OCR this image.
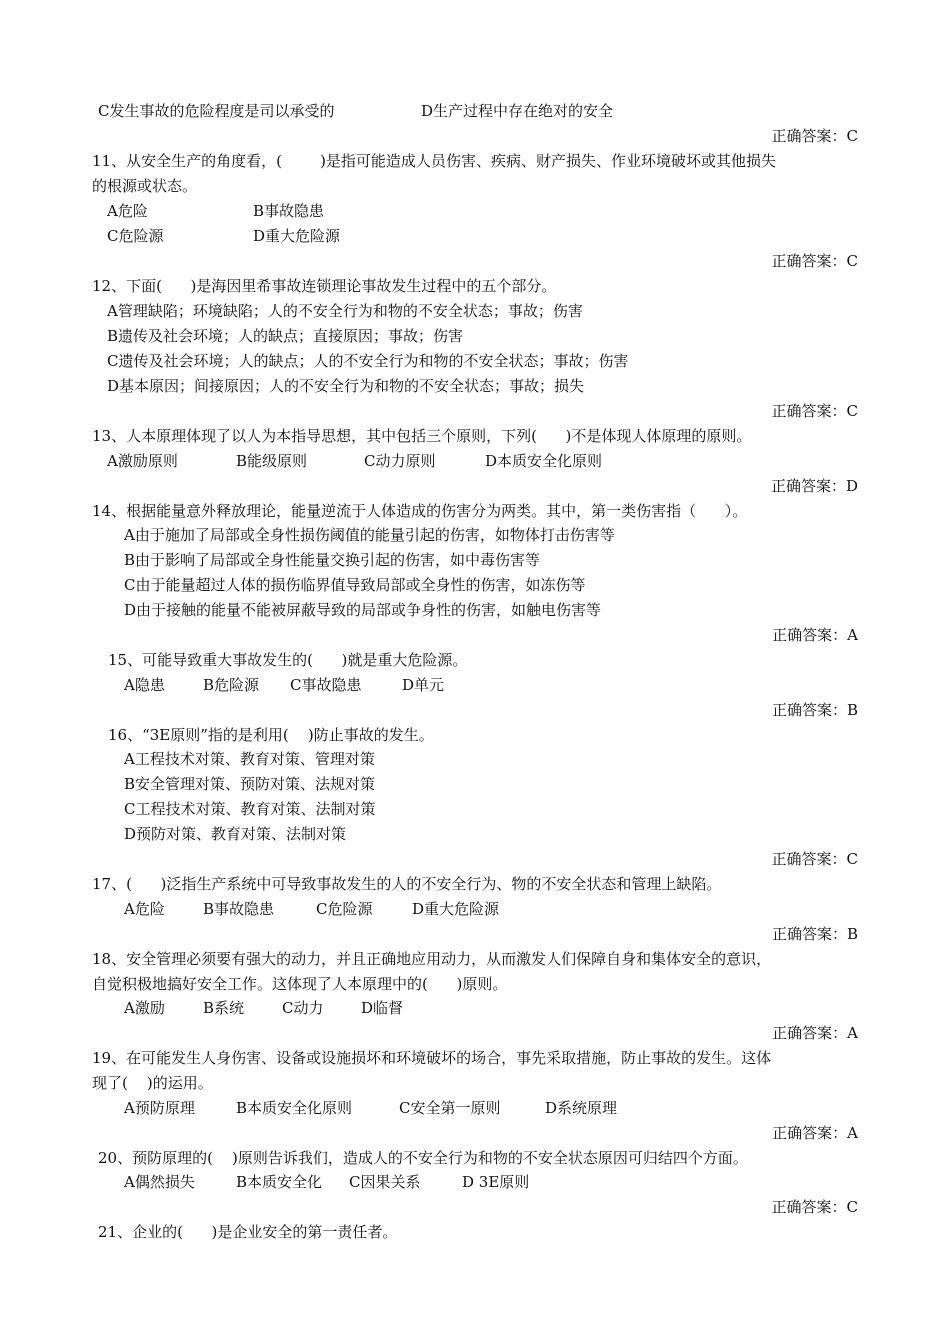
C发生事故的危险程度是司以承受的	D生产过程中存在绝对的安全
正确答案：C
11、从安全生产的角度看，(        )是指可能造成人员伤害、疾病、财产损失、作业环境破坏或其他损失
的根源或状态。
A危险	B事故隐患
C危险源	D重大危险源
正确答案：C
12、下面(      )是海因里希事故连锁理论事故发生过程中的五个部分。
A管理缺陷；环境缺陷；人的不安全行为和物的不安全状态；事故；伤害
B遗传及社会环境；人的缺点；直接原因；事故；伤害
C遗传及社会环境；人的缺点；人的不安全行为和物的不安全状态；事故；伤害
D基本原因；间接原因；人的不安全行为和物的不安全状态；事故；损失
正确答案：C
13、人本原理体现了以人为本指导思想，其中包括三个原则，下列(      )不是体现人体原理的原则。
A激励原则	B能级原则	C动力原则	D本质安全化原则
正确答案：D
14、根据能量意外释放理论，能量逆流于人体造成的伤害分为两类。其中，第一类伤害指（      ）。
A由于施加了局部或全身性损伤阈值的能量引起的伤害，如物体打击伤害等
B由于影响了局部或全身性能量交换引起的伤害，如中毒伤害等
C由于能量超过人体的损伤临界值导致局部或全身性的伤害，如冻伤等
D由于接触的能量不能被屏蔽导致的局部或争身性的伤害，如触电伤害等
正确答案：A
15、可能导致重大事故发生的(      )就是重大危险源。
A隐患	B危险源 C事故隐患	D单元
正确答案：B
16、“3E原则”指的是利用(    )防止事故的发生。
A工程技术对策、教育对策、管理对策
B安全管理对策、预防对策、法规对策
C工程技术对策、教育对策、法制对策
D预防对策、教育对策、法制对策
正确答案：C
17、(      )泛指生产系统中可导致事故发生的人的不安全行为、物的不安全状态和管理上缺陷。
A危险	B事故隐患	C危险源	D重大危险源
正确答案：B
18、安全管理必须要有强大的动力，并且正确地应用动力，从而激发人们保障自身和集体安全的意识，
自觉积极地搞好安全工作。这体现了人本原理中的(      )原则。
A激励	B系统	C动力	D临督
正确答案：A
19、在可能发生人身伤害、设备或设施损坏和环境破坏的场合，事先采取措施，防止事故的发生。这体
现了(    )的运用。
A预防原理	B本质安全化原则	C安全第一原则	D系统原理
正确答案：A
20、预防原理的(    )原则告诉我们，造成人的不安全行为和物的不安全状态原因可归结四个方面。
A偶然损失	B本质安全化 C因果关系	D 3E原则
正确答案：C
21、企业的(      )是企业安全的第一责任者。
